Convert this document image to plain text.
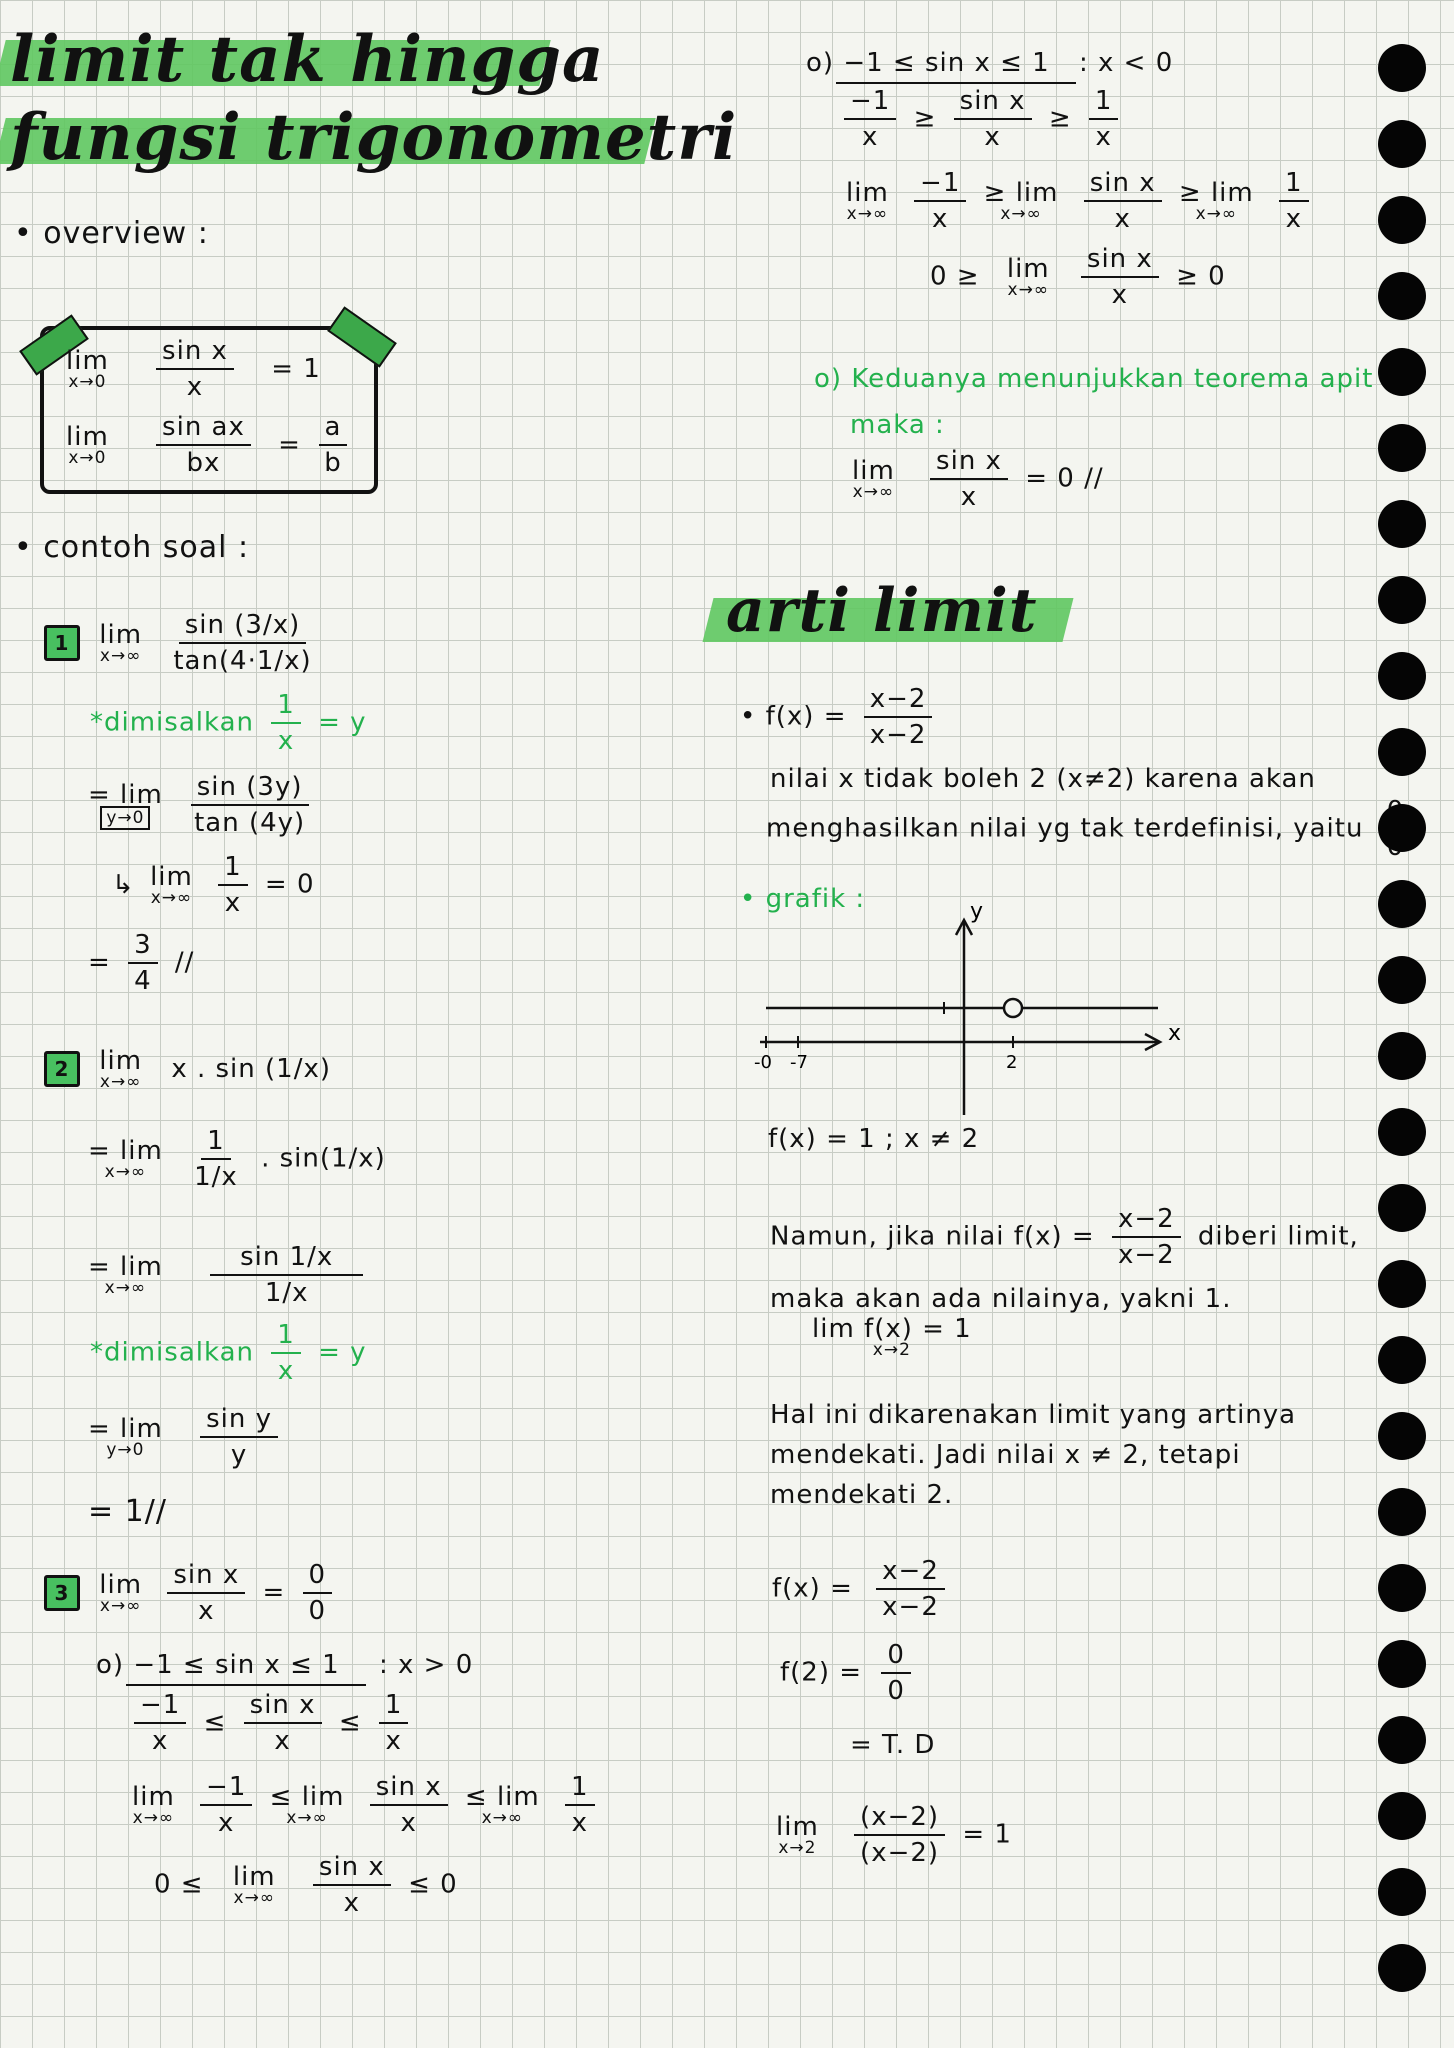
limit tak hingga
fungsi trigonometri
• overview :
lim
x→0
$\frac{\text{sin x}}{x} = 1$
lim
x→0
$\frac{\text{sin ax}}{bx} = \frac{a}{b}$
• contoh soal :
1 lim
x→∞
$\frac{\sin (3/x)}{\tan(4\cdot 1/x)}$
*dimisalkan $\frac{1}{x} = y$
= lim
y→0
$\frac{\sin (3y)}{\tan (4y)}$
↳ lim
x→∞
$\frac{1}{x} = 0$
= $\frac{3}{4}$ //
2 lim
x→∞ x . sin (1/x)
= lim
x→∞
$\frac{1}{1/x}$ . sin(1/x)
= lim
x→∞
$\frac{\sin 1/x}{1/x}$
*dimisalkan $\frac{1}{x} = y$
= lim
y→0
$\frac{\text{sin y}}{y}$
= 1//
3 lim
x→∞
$\frac{\text{sin x}}{x} = \frac{0}{0}$
o) −1 ≤ sin x ≤ 1 : x > 0
$\frac{-1}{x} \le \frac{\text{sin x}}{x} \le \frac{1}{x}$
lim
x→∞
$\frac{-1}{x}$
≤ lim
x→∞
$\frac{\text{sin x}}{x}$
≤ lim
x→∞
$\frac{1}{x}$
0 ≤ lim
x→∞
$\frac{\text{sin x}}{x} \le 0$
o) −1 ≤ sin x ≤ 1 : x < 0
$\frac{-1}{x} \ge \frac{\text{sin x}}{x} \ge \frac{1}{x}$
lim
x→∞
$\frac{-1}{x}$
≥ lim
x→∞
$\frac{\text{sin x}}{x}$
≥ lim
x→∞
$\frac{1}{x}$
0 ≥ lim
x→∞
$\frac{\text{sin x}}{x} \ge 0$
o) Keduanya menunjukkan teorema apit
maka :
lim
x→∞
$\frac{\text{sin x}}{x} = 0$ //
arti limit
• $f(x) = \frac{x-2}{x-2}$
nilai x tidak boleh 2 (x≠2) karena akan
menghasilkan nilai yg tak terdefinisi, yaitu
• grafik :
-0 -7	2
y
x
f(x) = 1 ; x ≠ 2
Namun, jika nilai $f(x) = \frac{x-2}{x-2}$ diberi limit,
maka akan ada nilainya, yakni 1.
lim f(x) = 1
x→2
Hal ini dikarenakan limit yang artinya
mendekati. Jadi nilai x ≠ 2, tetapi
mendekati 2.
$f(x) = \frac{x-2}{x-2}$
$f(2) = \frac{0}{0}$
= T. D
lim
x→2
$\frac{(x-2)}{(x-2)} = 1$
